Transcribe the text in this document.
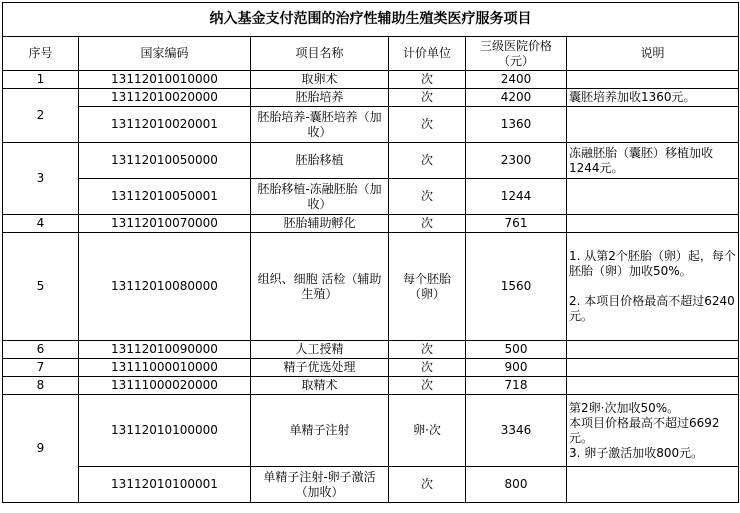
纳入基金支付范围的治疗性辅助生殖类医疗服务项目					
序号	国家编码	项目名称	计价单位	三级医院价格（元）	说明
1	13112010010000	取卵术	次	2400	
2	13112010020000	胚胎培养	次	4200	囊胚培养加收1360元。
	13112010020001	胚胎培养-囊胚培养（加收）	次	1360	
3	13112010050000	胚胎移植	次	2300	冻融胚胎（囊胚）移植加收1244元。
	13112010050001	胚胎移植-冻融胚胎（加收）	次	1244	
4	13112010070000	胚胎辅助孵化	次	761	
5	13112010080000	组织、细胞 活检（辅助 生殖）	每个胚胎（卵）	1560	1. 从第2个胚胎（卵）起，每个胚胎（卵）加收50%。

2. 本项目价格最高不超过6240元。
6	13112010090000	人工授精	次	500	
7	13111000010000	精子优选处理	次	900	
8	13111000020000	取精术	次	718	
9	13112010100000	单精子注射	卵·次	3346	第2卵·次加收50%。
本项目价格最高不超过6692元。
3. 卵子激活加收800元。
	13112010100001	单精子注射-卵子激活（加收）	次	800	
